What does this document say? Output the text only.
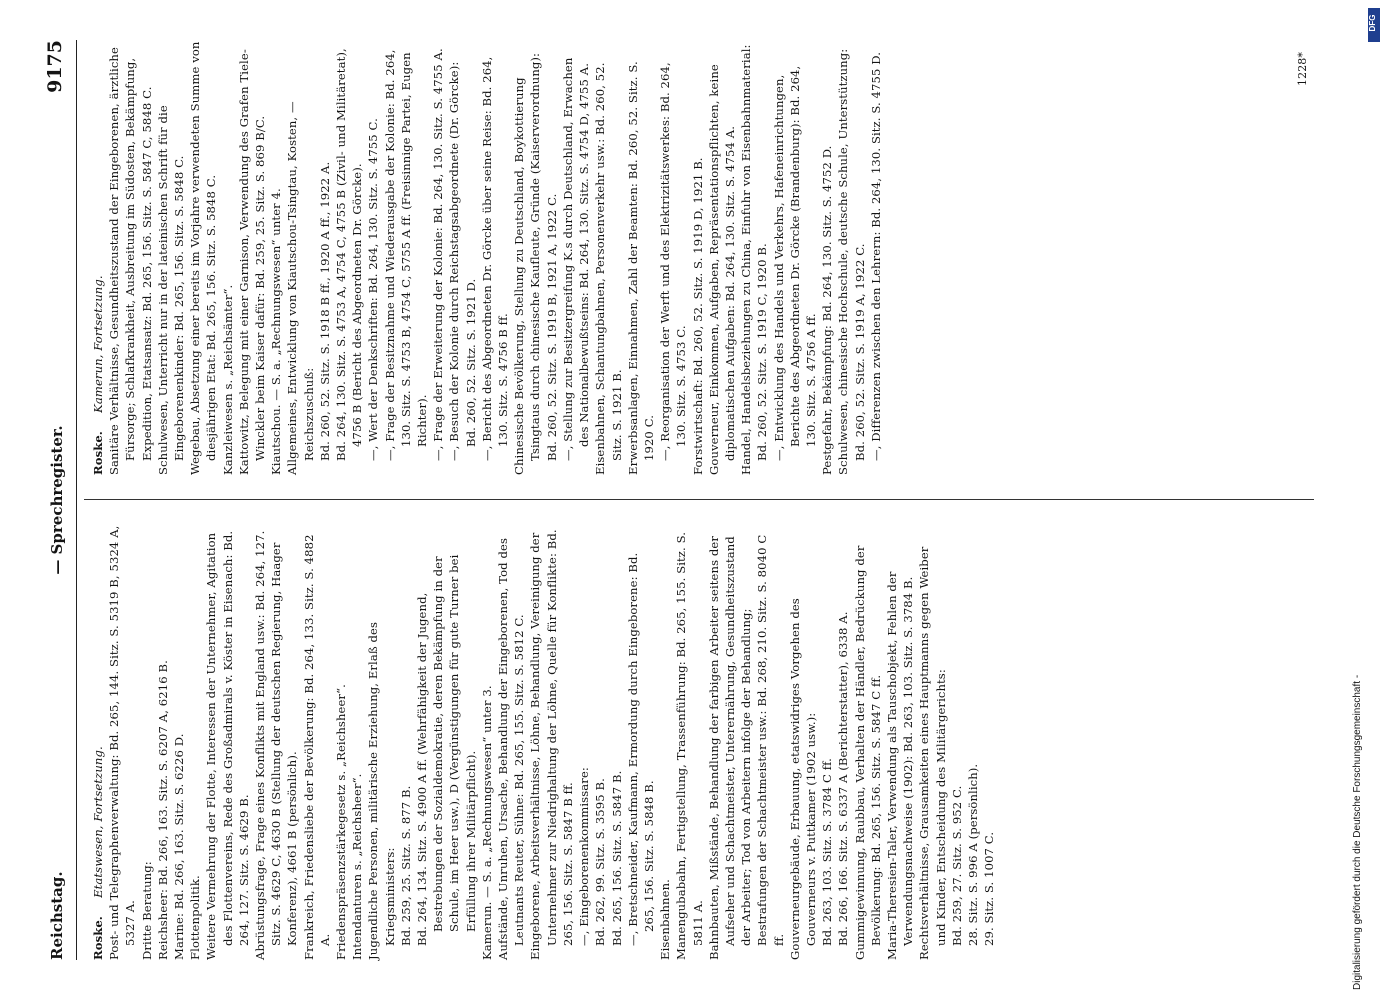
Reichstag.
— Sprechregister.
9175
Roske. Etatswesen, Fortsetzung. Post- und Telegraphenverwaltung: Bd. 265, 144. Sitz. S. 5319 B, 5324 A, 5327 A. Dritte Beratung: Reichsheer: Bd. 266, 163. Sitz. S. 6207 A, 6216 B. Marine: Bd. 266, 163. Sitz. S. 6226 D. Flottenpolitik. Weitere Vermehrung der Flotte, Interessen der Unternehmer, Agitation des Flottenvereins, Rede des Großadmirals v. Köster in Eisenach: Bd. 264, 127. Sitz. S. 4629 B. Abrüstungsfrage, Frage eines Konflikts mit England usw.: Bd. 264, 127. Sitz. S. 4629 C, 4630 B (Stellung der deutschen Regierung, Haager Konferenz), 4661 B (persönlich). Frankreich, Friedensliebe der Bevölkerung: Bd. 264, 133. Sitz. S. 4882 A. Friedenspräsenzstärkegesetz s. „Reichsheer“. Intendanturen s. „Reichsheer“. Jugendliche Personen, militärische Erziehung, Erlaß des Kriegsministers: Bd. 259, 25. Sitz. S. 877 B. Bd. 264, 134. Sitz. S. 4900 A ff. (Wehrfähigkeit der Jugend, Bestrebungen der Sozialdemokratie, deren Bekämpfung in der Schule, im Heer usw.), D (Vergünstigungen für gute Turner bei Erfüllung ihrer Militärpflicht). Kamerun. — S. a. „Rechnungswesen“ unter 3. Aufstände, Unruhen, Ursache, Behandlung der Eingeborenen, Tod des Leutnants Reuter, Sühne: Bd. 265, 155. Sitz. S. 5812 C. Eingeborene, Arbeitsverhältnisse, Löhne, Behandlung, Vereinigung der Unternehmer zur Niedrighaltung der Löhne, Quelle für Konflikte: Bd. 265, 156. Sitz. S. 5847 B ff. —, Eingeborenenkommissare: Bd. 262, 99. Sitz. S. 3595 B. Bd. 265, 156. Sitz. S. 5847 B. —, Bretschneider, Kaufmann, Ermordung durch Eingeborene: Bd. 265, 156. Sitz. S. 5848 B. Eisenbahnen. Manengubabahn, Fertigstellung, Trassenführung: Bd. 265, 155. Sitz. S. 5811 A. Bahnbauten, Mißstände, Behandlung der farbigen Arbeiter seitens der Aufseher und Schachtmeister, Unterernährung, Gesundheitszustand der Arbeiter; Tod von Arbeitern infolge der Behandlung; Bestrafungen der Schachtmeister usw.: Bd. 268, 210. Sitz. S. 8040 C ff. Gouverneurgebäude, Erbauung, etatswidriges Vorgehen des Gouverneurs v. Puttkamer (1902 usw.): Bd. 263, 103. Sitz. S. 3784 C ff. Bd. 266, 166. Sitz. S. 6337 A (Berichterstatter), 6338 A. Gummigewinnung, Raubbau, Verhalten der Händler, Bedrückung der Bevölkerung: Bd. 265, 156. Sitz. S. 5847 C ff. Maria-Theresien-Taler, Verwendung als Tauschobjekt, Fehlen der Verwendungsnachweise (1902): Bd. 263, 103. Sitz. S. 3784 B. Rechtsverhältnisse, Grausamkeiten eines Hauptmanns gegen Weiber und Kinder, Entscheidung des Militärgerichts: Bd. 259, 27. Sitz. S. 952 C. 28. Sitz. S. 996 A (persönlich). 29. Sitz. S. 1007 C.

Roske. Kamerun, Fortsetzung. Sanitäre Verhältnisse, Gesundheitszustand der Eingeborenen, ärztliche Fürsorge; Schlafkrankheit, Ausbreitung im Südosten, Bekämpfung, Expedition, Etatsansatz: Bd. 265, 156. Sitz. S. 5847 C, 5848 C. Schulwesen, Unterricht nur in der lateinischen Schrift für die Eingeborenenkinder: Bd. 265, 156. Sitz. S. 5848 C. Wegebau, Absetzung einer bereits im Vorjahre verwendeten Summe von diesjährigen Etat: Bd. 265, 156. Sitz. S. 5848 C. Kanzleiwesen s. „Reichsämter“. Kattowitz, Belegung mit einer Garnison, Verwendung des Grafen Tiele-Winckler beim Kaiser dafür: Bd. 259, 25. Sitz. S. 869 B/C. Kiautschou. — S. a. „Rechnungswesen“ unter 4. Allgemeines, Entwicklung von Kiautschou-Tsingtau, Kosten, — Reichszuschuß: Bd. 260, 52. Sitz. S. 1918 B ff., 1920 A ff., 1922 A. Bd. 264, 130. Sitz. S. 4753 A, 4754 C, 4755 B (Zivil- und Militäretat), 4756 B (Bericht des Abgeordneten Dr. Görcke). —, Wert der Denkschriften: Bd. 264, 130. Sitz. S. 4755 C. —, Frage der Besitznahme und Wiederausgabe der Kolonie: Bd. 264, 130. Sitz. S. 4753 B, 4754 C, 5755 A ff. (Freisinnige Partei, Eugen Richter). —, Frage der Erweiterung der Kolonie: Bd. 264, 130. Sitz. S. 4755 A. —, Besuch der Kolonie durch Reichstagsabgeordnete (Dr. Görcke): Bd. 260, 52. Sitz. S. 1921 D. —, Bericht des Abgeordneten Dr. Görcke über seine Reise: Bd. 264, 130. Sitz. S. 4756 B ff. Chinesische Bevölkerung, Stellung zu Deutschland, Boykottierung Tsingtaus durch chinesische Kaufleute, Gründe (Kaiserverordnung): Bd. 260, 52. Sitz. S. 1919 B, 1921 A, 1922 C. —, Stellung zur Besitzergreifung K.s durch Deutschland, Erwachen des Nationalbewußtseins: Bd. 264, 130. Sitz. S. 4754 D, 4755 A. Eisenbahnen, Schantungbahnen, Personenverkehr usw.: Bd. 260, 52. Sitz. S. 1921 B. Erwerbsanlagen, Einnahmen, Zahl der Beamten: Bd. 260, 52. Sitz. S. 1920 C. —, Reorganisation der Werft und des Elektrizitätswerkes: Bd. 264, 130. Sitz. S. 4753 C. Forstwirtschaft: Bd. 260, 52. Sitz. S. 1919 D, 1921 B. Gouverneur, Einkommen, Aufgaben, Repräsentationspflichten, keine diplomatischen Aufgaben: Bd. 264, 130. Sitz. S. 4754 A. Handel, Handelsbeziehungen zu China, Einfuhr von Eisenbahnmaterial: Bd. 260, 52. Sitz. S. 1919 C, 1920 B. —, Entwicklung des Handels und Verkehrs, Hafeneinrichtungen, Berichte des Abgeordneten Dr. Görcke (Brandenburg): Bd. 264, 130. Sitz. S. 4756 A ff. Pestgefahr, Bekämpfung: Bd. 264, 130. Sitz. S. 4752 D. Schulwesen, chinesische Hochschule, deutsche Schule, Unterstützung: Bd. 260, 52. Sitz. S. 1919 A, 1922 C. —, Differenzen zwischen den Lehrern: Bd. 264, 130. Sitz. S. 4755 D.	1228*
Digitalisierung gefördert durch die Deutsche Forschungsgemeinschaft -
DFG
